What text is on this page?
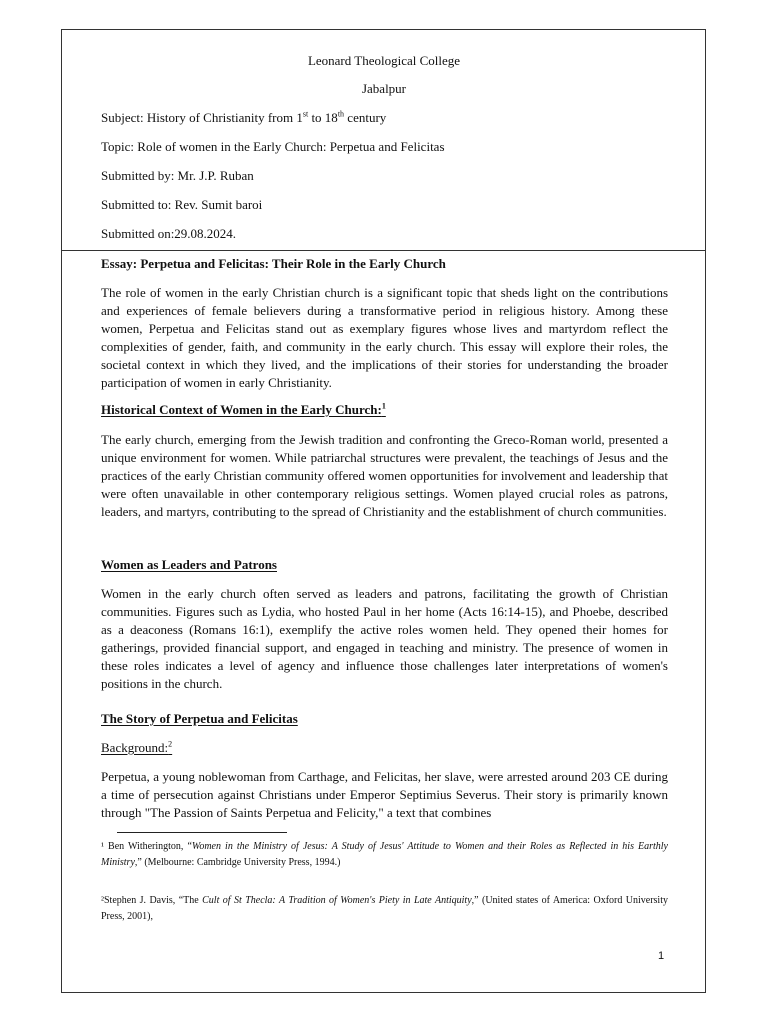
Leonard Theological College
Jabalpur
Subject: History of Christianity from 1st to 18th century
Topic: Role of women in the Early Church: Perpetua and Felicitas
Submitted by: Mr. J.P. Ruban
Submitted to: Rev. Sumit baroi
Submitted on:29.08.2024.
Essay: Perpetua and Felicitas: Their Role in the Early Church
The role of women in the early Christian church is a significant topic that sheds light on the contributions and experiences of female believers during a transformative period in religious history. Among these women, Perpetua and Felicitas stand out as exemplary figures whose lives and martyrdom reflect the complexities of gender, faith, and community in the early church. This essay will explore their roles, the societal context in which they lived, and the implications of their stories for understanding the broader participation of women in early Christianity.
Historical Context of Women in the Early Church:$^1$
The early church, emerging from the Jewish tradition and confronting the Greco-Roman world, presented a unique environment for women. While patriarchal structures were prevalent, the teachings of Jesus and the practices of the early Christian community offered women opportunities for involvement and leadership that were often unavailable in other contemporary religious settings. Women played crucial roles as patrons, leaders, and martyrs, contributing to the spread of Christianity and the establishment of church communities.
Women as Leaders and Patrons
Women in the early church often served as leaders and patrons, facilitating the growth of Christian communities. Figures such as Lydia, who hosted Paul in her home (Acts 16:14-15), and Phoebe, described as a deaconess (Romans 16:1), exemplify the active roles women held. They opened their homes for gatherings, provided financial support, and engaged in teaching and ministry. The presence of women in these roles indicates a level of agency and influence those challenges later interpretations of women's positions in the church.
The Story of Perpetua and Felicitas
Background:$^2$
Perpetua, a young noblewoman from Carthage, and Felicitas, her slave, were arrested around 203 CE during a time of persecution against Christians under Emperor Septimius Severus. Their story is primarily known through "The Passion of Saints Perpetua and Felicity," a text that combines
¹ Ben Witherington, “Women in the Ministry of Jesus: A Study of Jesus' Attitude to Women and their Roles as Reflected in his Earthly Ministry,” (Melbourne: Cambridge University Press, 1994.)
²Stephen J. Davis, “The Cult of St Thecla: A Tradition of Women's Piety in Late Antiquity,” (United states of America: Oxford University Press, 2001),
1
